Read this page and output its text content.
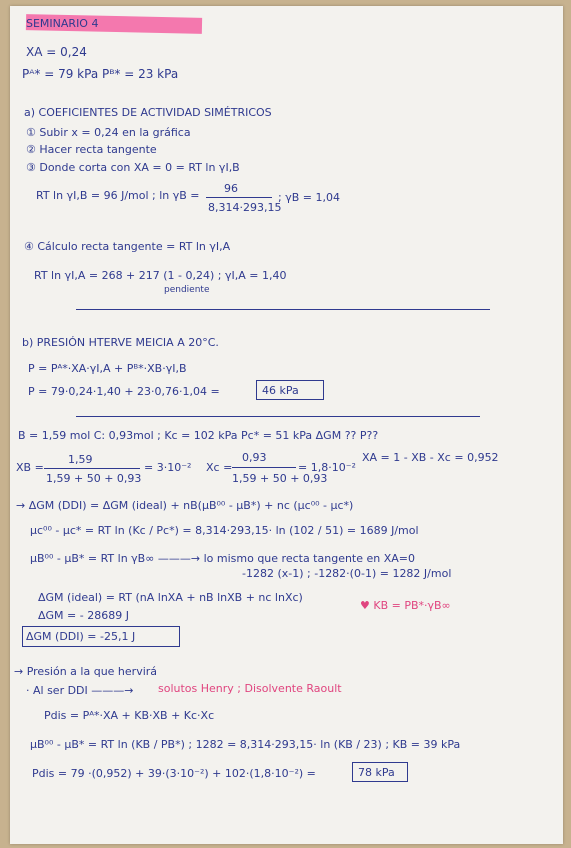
SEMINARIO 4
XA = 0,24
Pᴬ* = 79 kPa Pᴮ* = 23 kPa
a) COEFICIENTES DE ACTIVIDAD SIMÉTRICOS
① Subir x = 0,24 en la gráfica
② Hacer recta tangente
③ Donde corta con XA = 0 = RT ln γI,B
RT ln γI,B = 96 J/mol ; ln γB =
96
8,314·293,15
; γB = 1,04
④ Cálculo recta tangente = RT ln γI,A
RT ln γI,A = 268 + 217 (1 - 0,24) ; γI,A = 1,40
pendiente
b) PRESIÓN HTERVE MEICIA A 20°C.
P = Pᴬ*·XA·γI,A + Pᴮ*·XB·γI,B
P = 79·0,24·1,40 + 23·0,76·1,04 =	46 kPa
B = 1,59 mol C: 0,93mol ; Kc = 102 kPa Pc* = 51 kPa ΔGM ?? P??
XB =
1,59
1,59 + 50 + 0,93
= 3·10⁻² Xc =
0,93
1,59 + 50 + 0,93
= 1,8·10⁻²
XA = 1 - XB - Xc = 0,952
→ ΔGM (DDI) = ΔGM (ideal) + nB(μB⁰⁰ - μB*) + nc (μc⁰⁰ - μc*)
μc⁰⁰ - μc* = RT ln (Kc / Pc*) = 8,314·293,15· ln (102 / 51) = 1689 J/mol
μB⁰⁰ - μB* = RT ln γB∞ ———→ lo mismo que recta tangente en XA=0
-1282 (x-1) ; -1282·(0-1) = 1282 J/mol
ΔGM (ideal) = RT (nA lnXA + nB lnXB + nc lnXc)
ΔGM = - 28689 J
♥ KB = PB*·γB∞
ΔGM (DDI) = -25,1 J
→ Presión a la que hervirá
· Al ser DDI ———→ solutos Henry ; Disolvente Raoult
Pdis = Pᴬ*·XA + KB·XB + Kc·Xc
μB⁰⁰ - μB* = RT ln (KB / PB*) ; 1282 = 8,314·293,15· ln (KB / 23) ; KB = 39 kPa
Pdis = 79 ·(0,952) + 39·(3·10⁻²) + 102·(1,8·10⁻²) =	78 kPa
